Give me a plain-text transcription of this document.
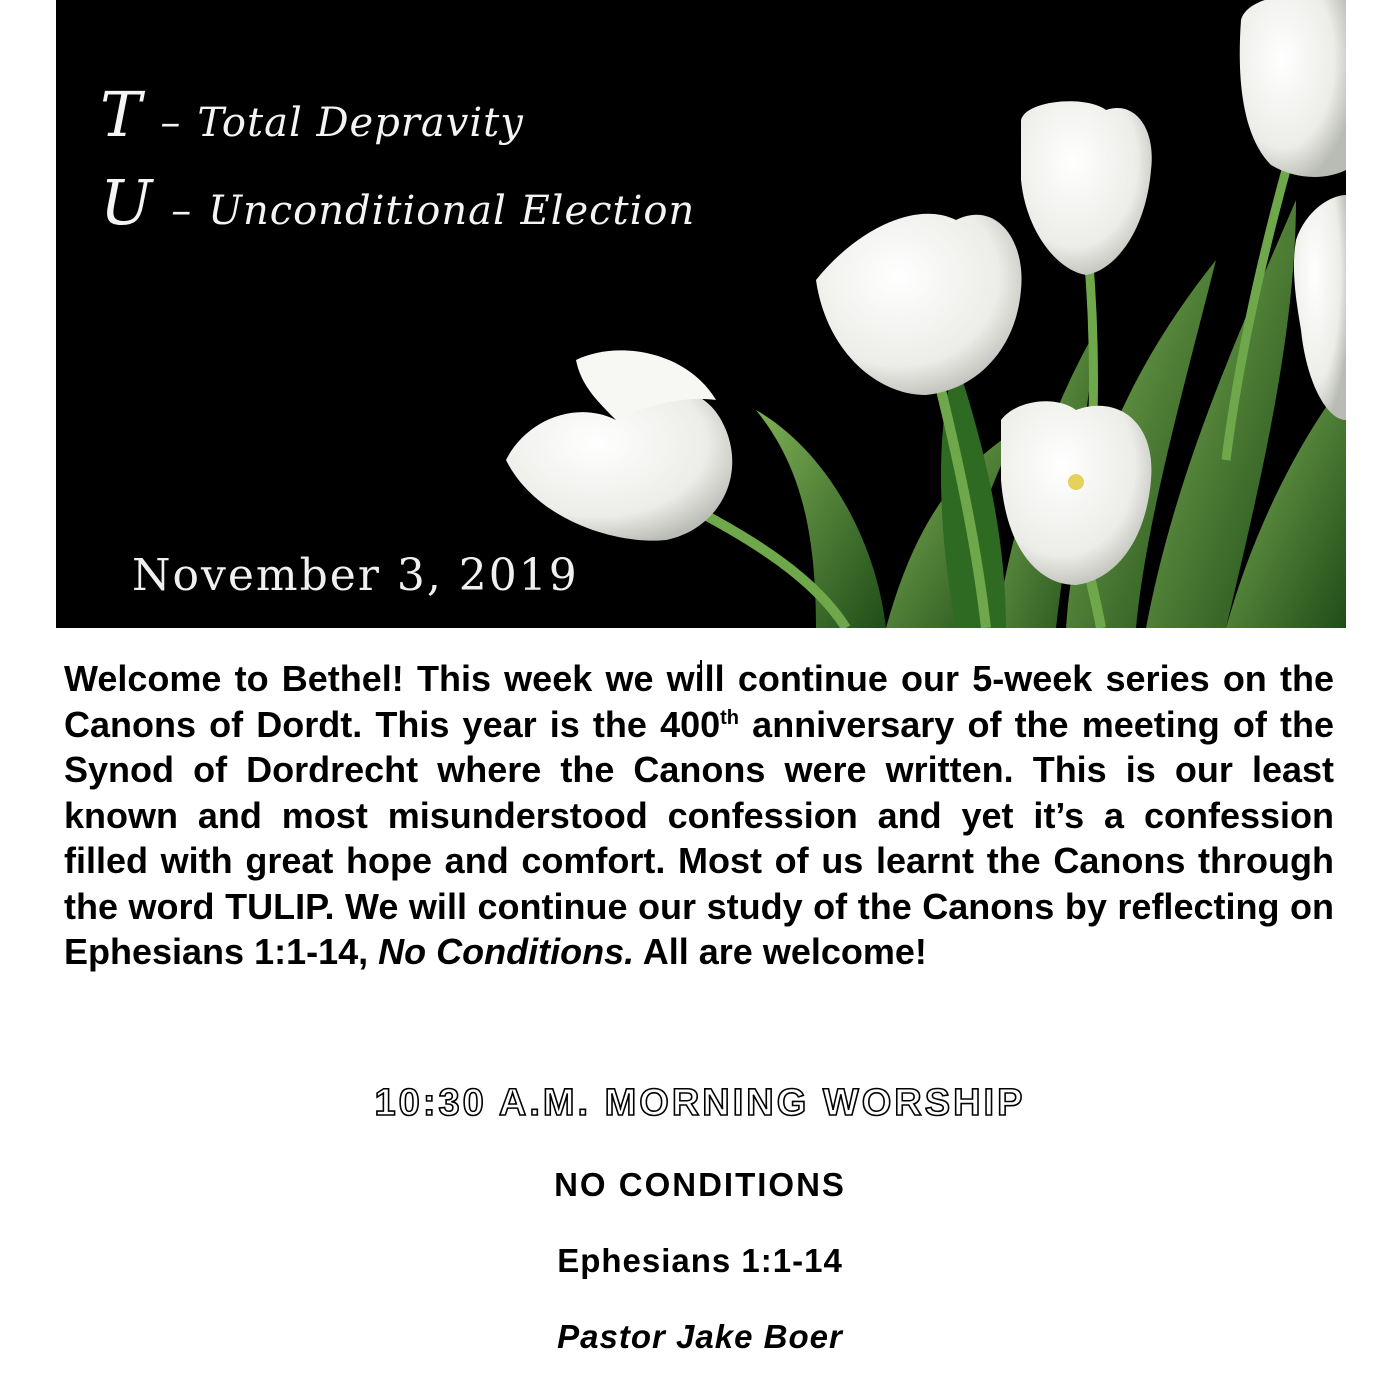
T – Total Depravity
U – Unconditional Election
November 3, 2019

Welcome to Bethel! This week we will continue our 5-week series on the Canons of Dordt. This year is the 400th anniversary of the meeting of the Synod of Dordrecht where the Canons were written. This is our least known and most misunderstood confession and yet it’s a confession filled with great hope and comfort. Most of us learnt the Canons through the word TULIP. We will continue our study of the Canons by reflecting on Ephesians 1:1-14, No Conditions. All are welcome!

10:30 A.M. MORNING WORSHIP
NO CONDITIONS
Ephesians 1:1-14
Pastor Jake Boer
